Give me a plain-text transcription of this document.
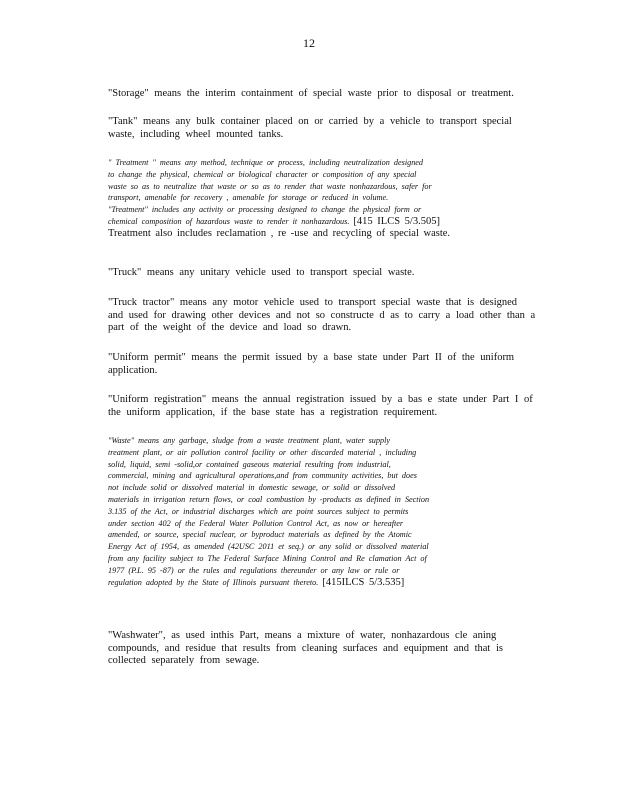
12
"Storage" means the interim containment of special waste prior to disposal or treatment.
"Tank" means any bulk container placed on or carried by a vehicle to transport special
waste, including wheel mounted tanks.
" Treatment " means any method, technique or process, including neutralization designed
to change the physical, chemical or biological character or composition of any special
waste so as to neutralize that waste or so as to render that waste nonhazardous, safer for
transport, amenable for recovery , amenable for storage or reduced in volume.
"Treatment" includes any activity or processing designed to change the physical form or
chemical composition of hazardous waste to render it nonhazardous. [415 ILCS 5/3.505]
Treatment also includes reclamation , re -use and recycling of special waste.
"Truck" means any unitary vehicle used to transport special waste.
"Truck tractor" means any motor vehicle used to transport special waste that is designed
and used for drawing other devices and not so constructe d as to carry a load other than a
part of the weight of the device and load so drawn.
"Uniform permit" means the permit issued by a base state under Part II of the uniform
application.
"Uniform registration" means the annual registration issued by a bas e state under Part I of
the uniform application, if the base state has a registration requirement.
"Waste" means any garbage, sludge from a waste treatment plant, water supply
treatment plant, or air pollution control facility or other discarded material , including
solid, liquid, semi -solid,or contained gaseous material resulting from industrial,
commercial, mining and agricultural operations,and from community activities, but does
not include solid or dissolved material in domestic sewage, or solid or dissolved
materials in irrigation return flows, or coal combustion by -products as defined in Section
3.135 of the Act, or industrial discharges which are point sources subject to permits
under section 402 of the Federal Water Pollution Control Act, as now or hereafter
amended, or source, special nuclear, or byproduct materials as defined by the Atomic
Energy Act of 1954, as amended (42USC 2011 et seq.) or any solid or dissolved material
from any facility subject to The Federal Surface Mining Control and Re clamation Act of
1977 (P.L. 95 -87) or the rules and regulations thereunder or any law or rule or
regulation adopted by the State of Illinois pursuant thereto. [415ILCS 5/3.535]
"Washwater", as used inthis Part, means a mixture of water, nonhazardous cle aning
compounds, and residue that results from cleaning surfaces and equipment and that is
collected separately from sewage.
